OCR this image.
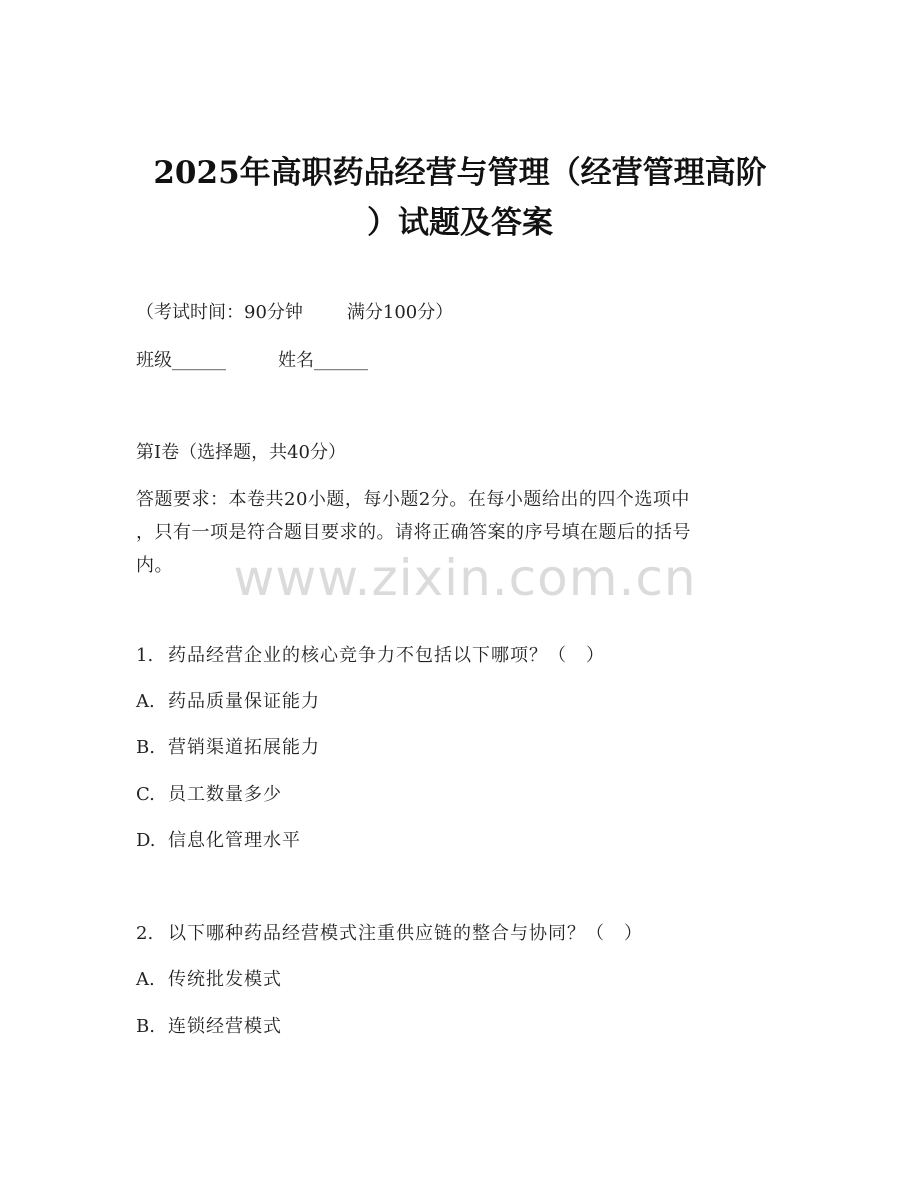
2025年高职药品经营与管理（经营管理高阶
）试题及答案
（考试时间：90分钟 满分100分）
班级______	姓名______
第I卷（选择题，共40分）
答题要求：本卷共20小题，每小题2分。在每小题给出的四个选项中
，只有一项是符合题目要求的。请将正确答案的序号填在题后的括号
内。	www.zixin.com.cn
1. 药品经营企业的核心竞争力不包括以下哪项？（　）
A. 药品质量保证能力
B. 营销渠道拓展能力
C. 员工数量多少
D. 信息化管理水平
2. 以下哪种药品经营模式注重供应链的整合与协同？（　）
A. 传统批发模式
B. 连锁经营模式
